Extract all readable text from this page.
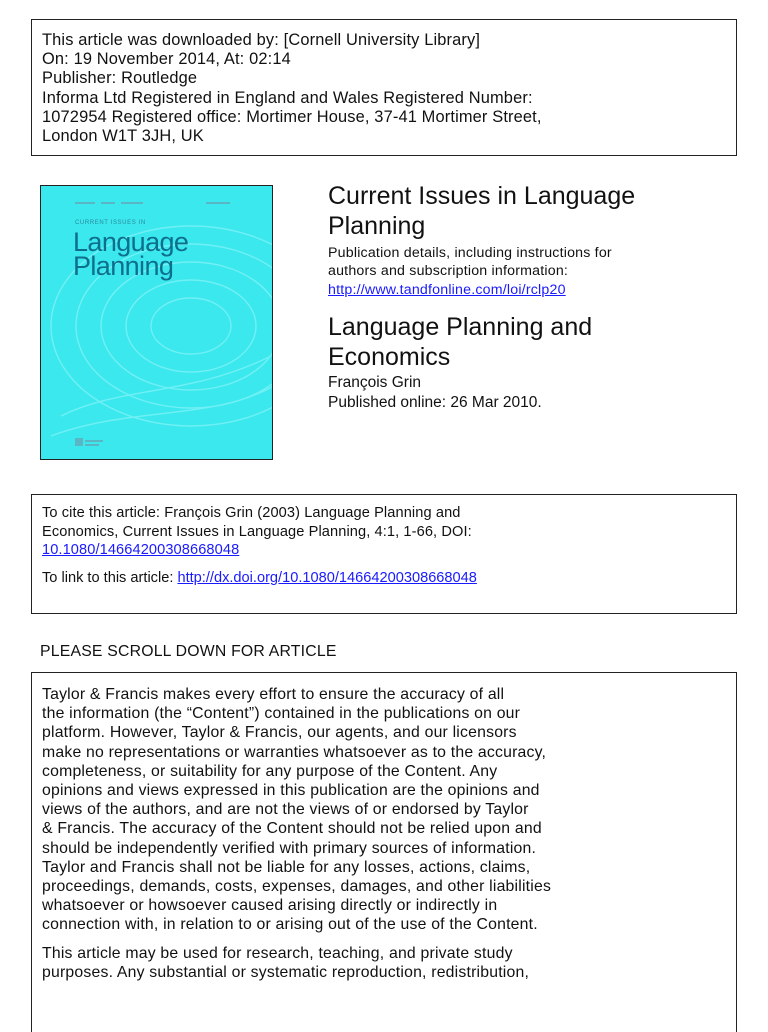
This article was downloaded by: [Cornell University Library]
On: 19 November 2014, At: 02:14
Publisher: Routledge
Informa Ltd Registered in England and Wales Registered Number:
1072954 Registered office: Mortimer House, 37-41 Mortimer Street,
London W1T 3JH, UK
CURRENT ISSUES IN
Language
Planning
Current Issues in Language
Planning
Publication details, including instructions for
authors and subscription information:
http://www.tandfonline.com/loi/rclp20
Language Planning and
Economics
François Grin
Published online: 26 Mar 2010.
To cite this article: François Grin (2003) Language Planning and
Economics, Current Issues in Language Planning, 4:1, 1-66, DOI:
10.1080/14664200308668048
To link to this article: http://dx.doi.org/10.1080/14664200308668048
PLEASE SCROLL DOWN FOR ARTICLE
Taylor & Francis makes every effort to ensure the accuracy of all
the information (the “Content”) contained in the publications on our
platform. However, Taylor & Francis, our agents, and our licensors
make no representations or warranties whatsoever as to the accuracy,
completeness, or suitability for any purpose of the Content. Any
opinions and views expressed in this publication are the opinions and
views of the authors, and are not the views of or endorsed by Taylor
& Francis. The accuracy of the Content should not be relied upon and
should be independently verified with primary sources of information.
Taylor and Francis shall not be liable for any losses, actions, claims,
proceedings, demands, costs, expenses, damages, and other liabilities
whatsoever or howsoever caused arising directly or indirectly in
connection with, in relation to or arising out of the use of the Content.
This article may be used for research, teaching, and private study
purposes. Any substantial or systematic reproduction, redistribution,
